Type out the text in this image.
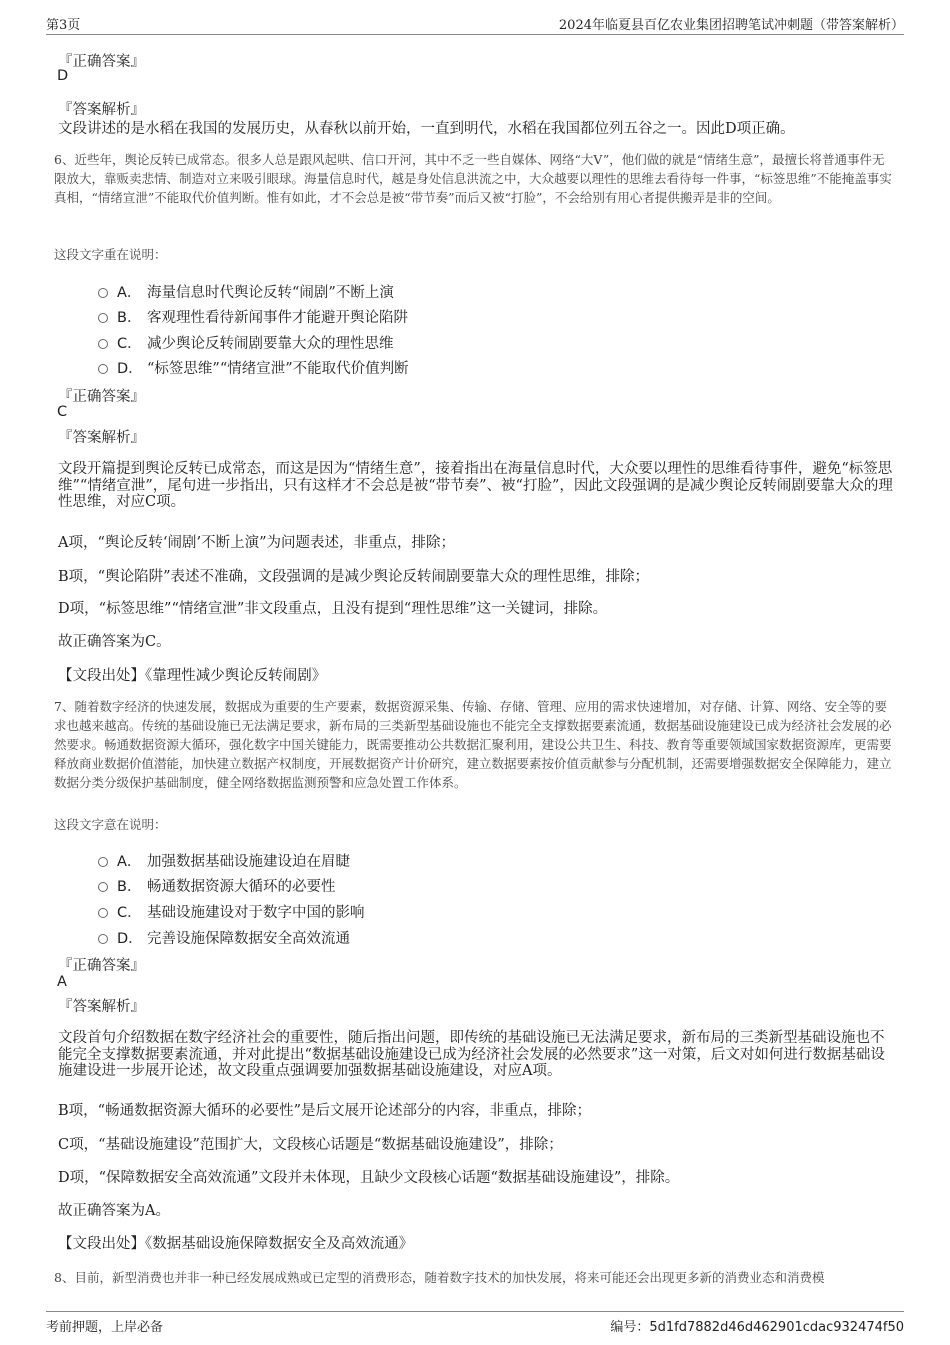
第3页	2024年临夏县百亿农业集团招聘笔试冲刺题（带答案解析）
『正确答案』
D
『答案解析』
文段讲述的是水稻在我国的发展历史，从春秋以前开始，一直到明代，水稻在我国都位列五谷之一。因此D项正确。
6、近些年，舆论反转已成常态。很多人总是跟风起哄、信口开河，其中不乏一些自媒体、网络“大V”，他们做的就是“情绪生意”，最擅长将普通事件无限放大，靠贩卖悲情、制造对立来吸引眼球。海量信息时代，越是身处信息洪流之中，大众越要以理性的思维去看待每一件事，“标签思维”不能掩盖事实真相，“情绪宣泄”不能取代价值判断。惟有如此，才不会总是被“带节奏”而后又被“打脸”，不会给别有用心者提供搬弄是非的空间。
这段文字重在说明：
A． 海量信息时代舆论反转“闹剧”不断上演
B． 客观理性看待新闻事件才能避开舆论陷阱
C． 减少舆论反转闹剧要靠大众的理性思维
D． “标签思维”“情绪宣泄”不能取代价值判断
『正确答案』
C
『答案解析』
文段开篇提到舆论反转已成常态，而这是因为“情绪生意”，接着指出在海量信息时代，大众要以理性的思维看待事件，避免“标签思维”“情绪宣泄”，尾句进一步指出，只有这样才不会总是被“带节奏”、被“打脸”，因此文段强调的是减少舆论反转闹剧要靠大众的理性思维，对应C项。
A项，“舆论反转‘闹剧’不断上演”为问题表述，非重点，排除；
B项，“舆论陷阱”表述不准确，文段强调的是减少舆论反转闹剧要靠大众的理性思维，排除；
D项，“标签思维”“情绪宣泄”非文段重点，且没有提到“理性思维”这一关键词，排除。
故正确答案为C。
【文段出处】《靠理性减少舆论反转闹剧》
7、随着数字经济的快速发展，数据成为重要的生产要素，数据资源采集、传输、存储、管理、应用的需求快速增加，对存储、计算、网络、安全等的要求也越来越高。传统的基础设施已无法满足要求，新布局的三类新型基础设施也不能完全支撑数据要素流通，数据基础设施建设已成为经济社会发展的必然要求。畅通数据资源大循环，强化数字中国关键能力，既需要推动公共数据汇聚利用，建设公共卫生、科技、教育等重要领域国家数据资源库，更需要释放商业数据价值潜能，加快建立数据产权制度，开展数据资产计价研究，建立数据要素按价值贡献参与分配机制，还需要增强数据安全保障能力，建立数据分类分级保护基础制度，健全网络数据监测预警和应急处置工作体系。
这段文字意在说明：
A． 加强数据基础设施建设迫在眉睫
B． 畅通数据资源大循环的必要性
C． 基础设施建设对于数字中国的影响
D． 完善设施保障数据安全高效流通
『正确答案』
A
『答案解析』
文段首句介绍数据在数字经济社会的重要性，随后指出问题，即传统的基础设施已无法满足要求，新布局的三类新型基础设施也不能完全支撑数据要素流通，并对此提出“数据基础设施建设已成为经济社会发展的必然要求”这一对策，后文对如何进行数据基础设施建设进一步展开论述，故文段重点强调要加强数据基础设施建设，对应A项。
B项，“畅通数据资源大循环的必要性”是后文展开论述部分的内容，非重点，排除；
C项，“基础设施建设”范围扩大，文段核心话题是“数据基础设施建设”，排除；
D项，“保障数据安全高效流通”文段并未体现，且缺少文段核心话题“数据基础设施建设”，排除。
故正确答案为A。
【文段出处】《数据基础设施保障数据安全及高效流通》
8、目前，新型消费也并非一种已经发展成熟或已定型的消费形态，随着数字技术的加快发展，将来可能还会出现更多新的消费业态和消费模
考前押题，上岸必备	编号：5d1fd7882d46d462901cdac932474f50
